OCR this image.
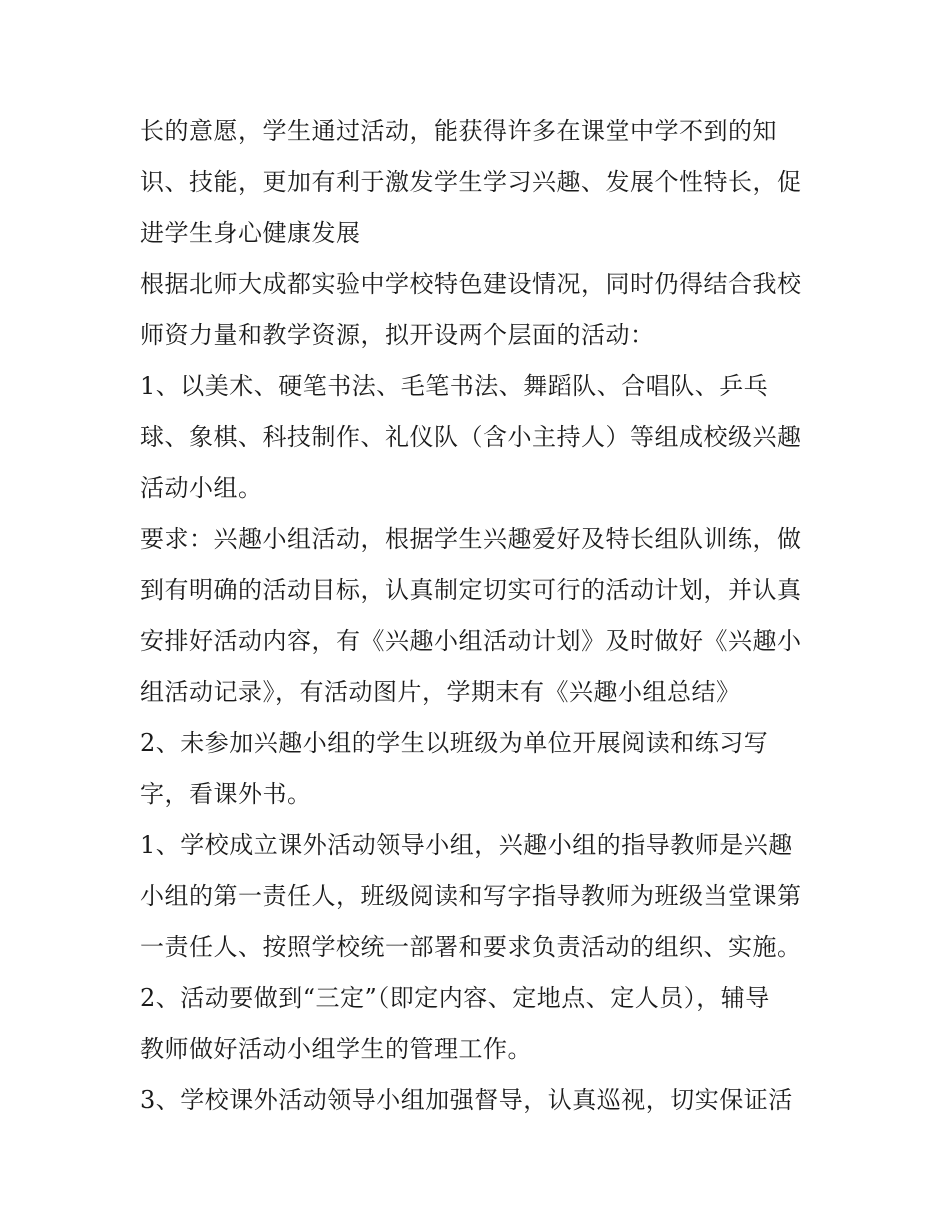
长的意愿，学生通过活动，能获得许多在课堂中学不到的知
识、技能，更加有利于激发学生学习兴趣、发展个性特长，促
进学生身心健康发展
根据北师大成都实验中学校特色建设情况，同时仍得结合我校
师资力量和教学资源，拟开设两个层面的活动：
1、以美术、硬笔书法、毛笔书法、舞蹈队、合唱队、乒乓
球、象棋、科技制作、礼仪队（含小主持人）等组成校级兴趣
活动小组。
要求：兴趣小组活动，根据学生兴趣爱好及特长组队训练，做
到有明确的活动目标，认真制定切实可行的活动计划，并认真
安排好活动内容，有《兴趣小组活动计划》及时做好《兴趣小
组活动记录》，有活动图片，学期末有《兴趣小组总结》
2、未参加兴趣小组的学生以班级为单位开展阅读和练习写
字，看课外书。
1、学校成立课外活动领导小组，兴趣小组的指导教师是兴趣
小组的第一责任人，班级阅读和写字指导教师为班级当堂课第
一责任人、按照学校统一部署和要求负责活动的组织、实施。
2、活动要做到“三定”（即定内容、定地点、定人员），辅导
教师做好活动小组学生的管理工作。
3、学校课外活动领导小组加强督导，认真巡视，切实保证活
